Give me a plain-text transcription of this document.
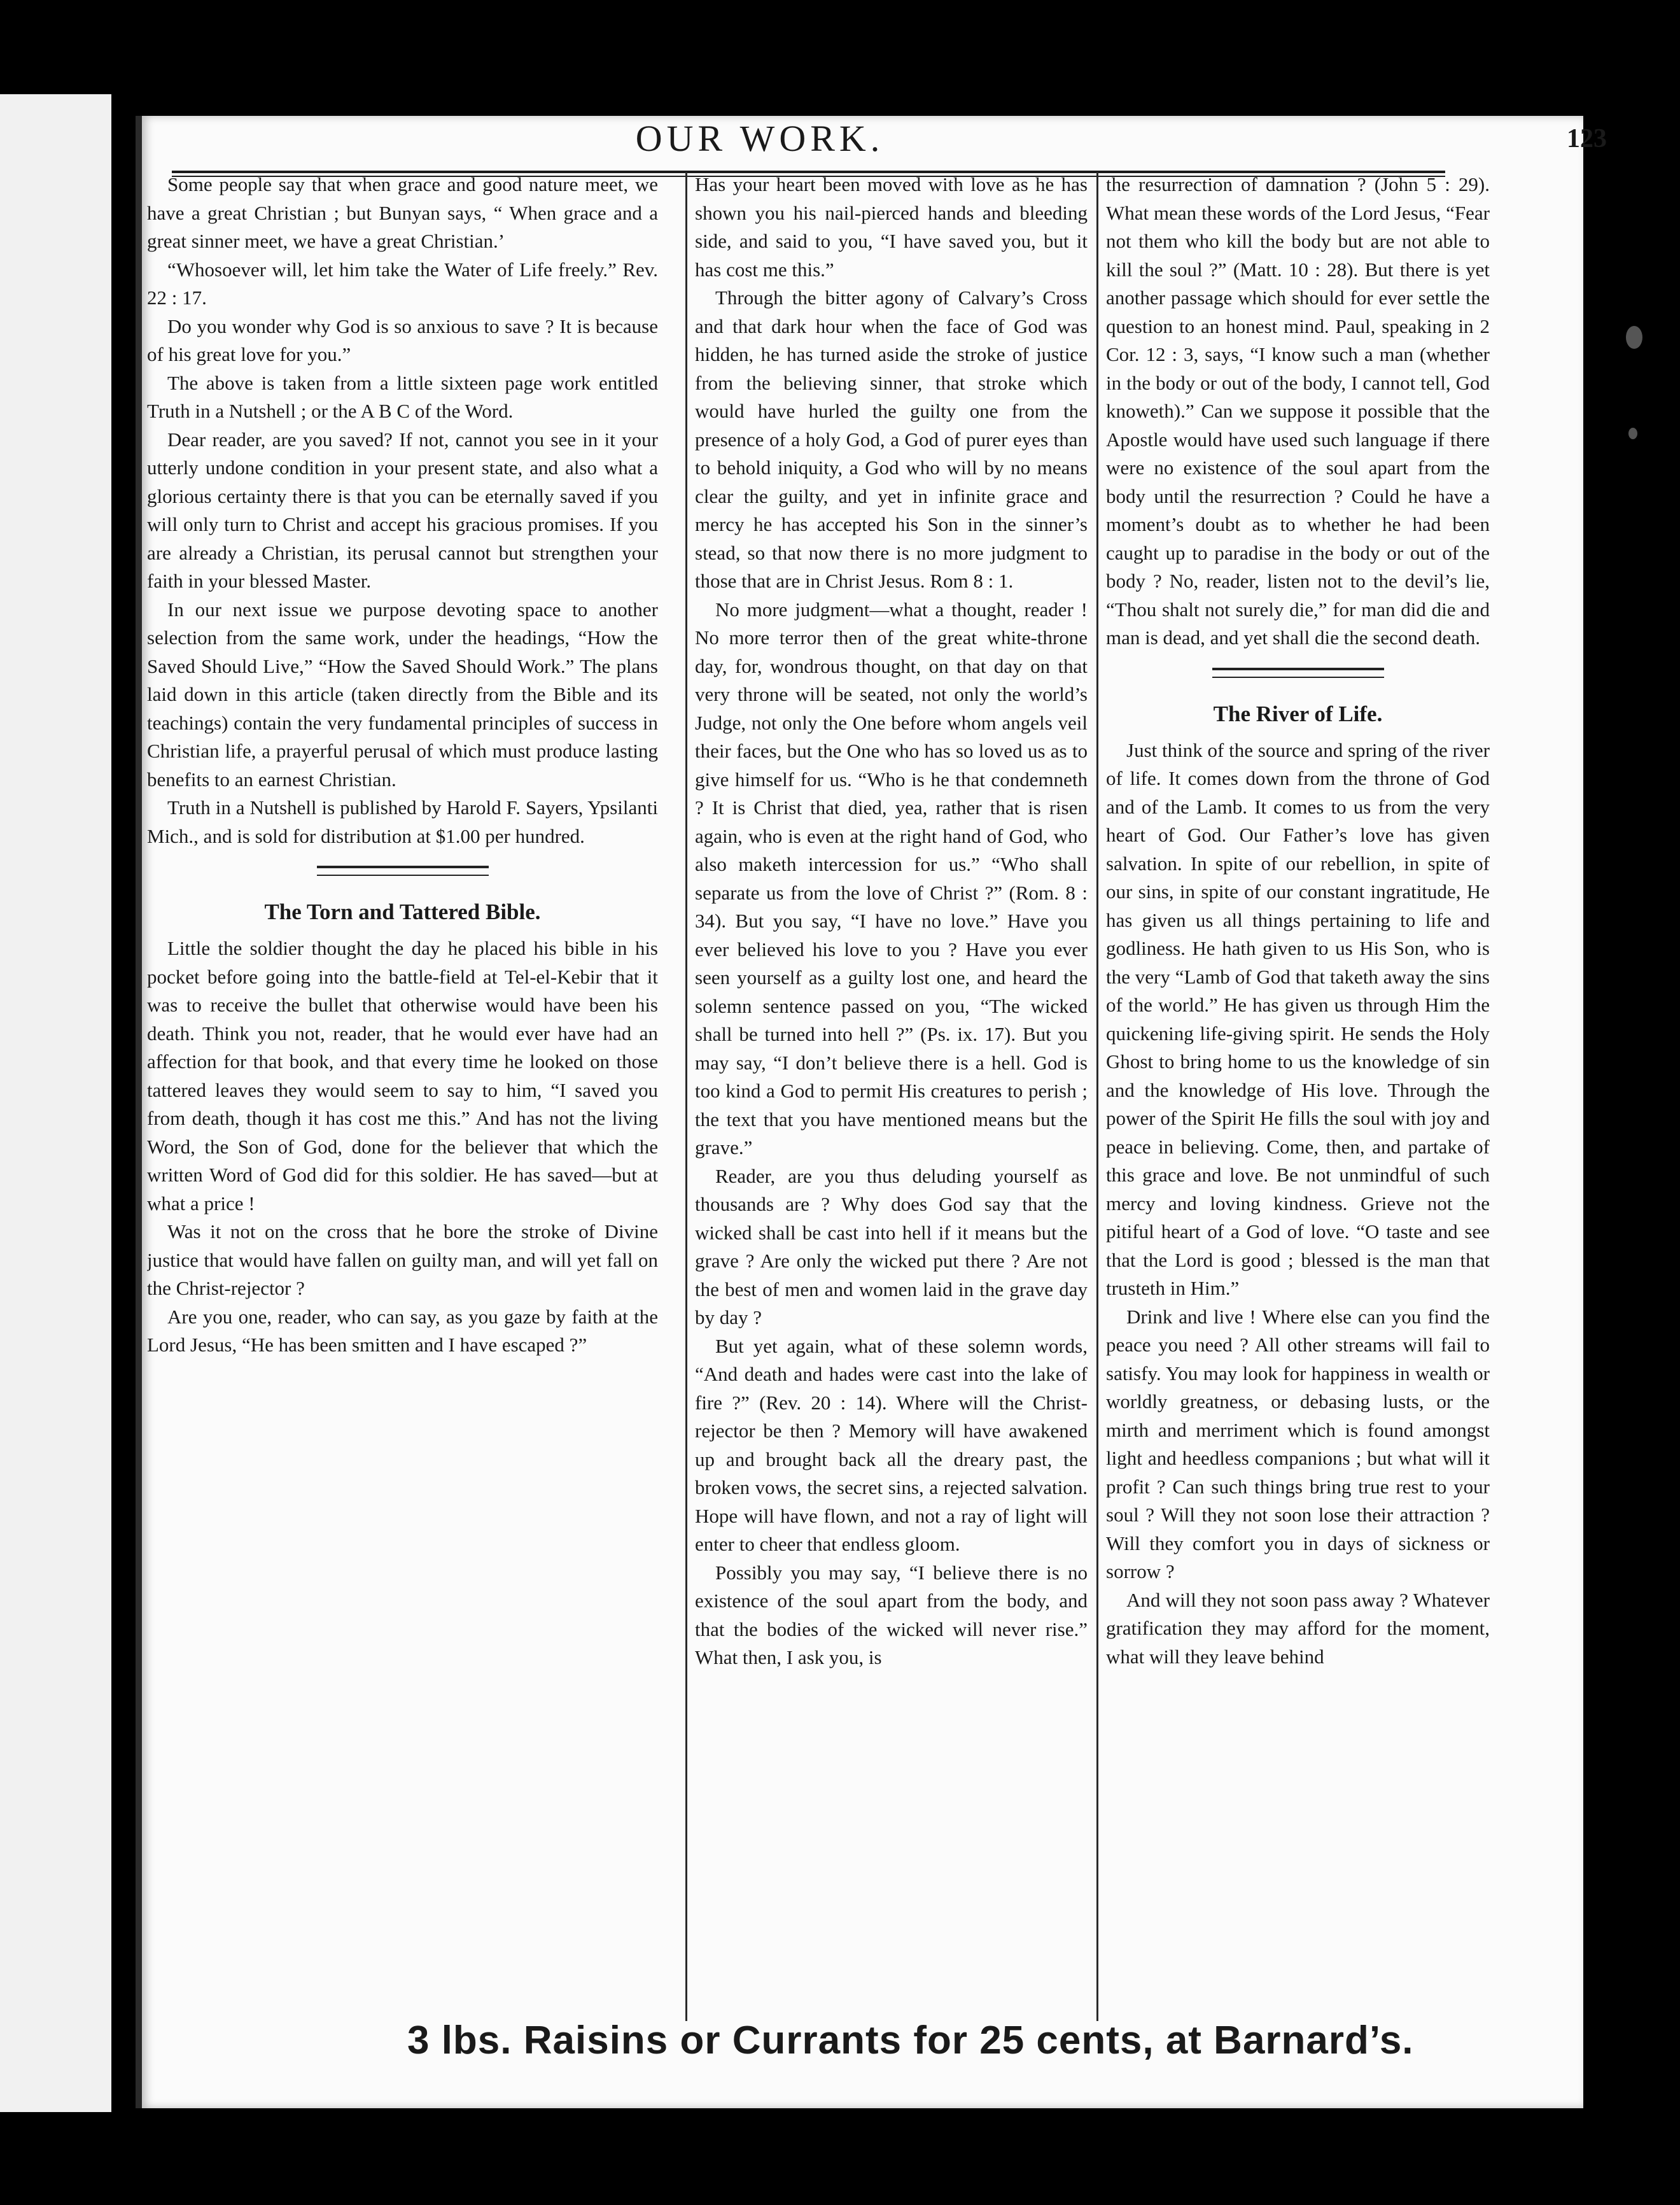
OUR WORK.	123

Some people say that when grace and good nature meet, we have a great Christian ; but Bunyan says, “ When grace and a great sinner meet, we have a great Christian.’

“Whosoever will, let him take the Water of Life freely.” Rev. 22 : 17.

Do you wonder why God is so anxious to save ? It is because of his great love for you.”

The above is taken from a little sixteen page work entitled Truth in a Nutshell ; or the A B C of the Word.

Dear reader, are you saved? If not, cannot you see in it your utterly undone condition in your present state, and also what a glorious certainty there is that you can be eternally saved if you will only turn to Christ and accept his gracious promises. If you are already a Christian, its perusal cannot but strengthen your faith in your blessed Master.

In our next issue we purpose devoting space to another selection from the same work, under the headings, “How the Saved Should Live,” “How the Saved Should Work.” The plans laid down in this article (taken directly from the Bible and its teachings) contain the very fundamental principles of success in Christian life, a prayerful perusal of which must produce lasting benefits to an earnest Christian.

Truth in a Nutshell is published by Harold F. Sayers, Ypsilanti Mich., and is sold for distribution at $1.00 per hundred.

The Torn and Tattered Bible.

Little the soldier thought the day he placed his bible in his pocket before going into the battle-field at Tel-el-Kebir that it was to receive the bullet that otherwise would have been his death. Think you not, reader, that he would ever have had an affection for that book, and that every time he looked on those tattered leaves they would seem to say to him, “I saved you from death, though it has cost me this.” And has not the living Word, the Son of God, done for the believer that which the written Word of God did for this soldier. He has saved—but at what a price !

Was it not on the cross that he bore the stroke of Divine justice that would have fallen on guilty man, and will yet fall on the Christ-rejector ?

Are you one, reader, who can say, as you gaze by faith at the Lord Jesus, “He has been smitten and I have escaped ?”

Has your heart been moved with love as he has shown you his nail-pierced hands and bleeding side, and said to you, “I have saved you, but it has cost me this.”

Through the bitter agony of Calvary’s Cross and that dark hour when the face of God was hidden, he has turned aside the stroke of justice from the believing sinner, that stroke which would have hurled the guilty one from the presence of a holy God, a God of purer eyes than to behold iniquity, a God who will by no means clear the guilty, and yet in infinite grace and mercy he has accepted his Son in the sinner’s stead, so that now there is no more judgment to those that are in Christ Jesus. Rom 8 : 1.

No more judgment—what a thought, reader ! No more terror then of the great white-throne day, for, wondrous thought, on that day on that very throne will be seated, not only the world’s Judge, not only the One before whom angels veil their faces, but the One who has so loved us as to give himself for us. “Who is he that condemneth ? It is Christ that died, yea, rather that is risen again, who is even at the right hand of God, who also maketh intercession for us.” “Who shall separate us from the love of Christ ?” (Rom. 8 : 34). But you say, “I have no love.” Have you ever believed his love to you ? Have you ever seen yourself as a guilty lost one, and heard the solemn sentence passed on you, “The wicked shall be turned into hell ?” (Ps. ix. 17). But you may say, “I don’t believe there is a hell. God is too kind a God to permit His creatures to perish ; the text that you have mentioned means but the grave.”

Reader, are you thus deluding yourself as thousands are ? Why does God say that the wicked shall be cast into hell if it means but the grave ? Are only the wicked put there ? Are not the best of men and women laid in the grave day by day ?

But yet again, what of these solemn words, “And death and hades were cast into the lake of fire ?” (Rev. 20 : 14). Where will the Christ-rejector be then ? Memory will have awakened up and brought back all the dreary past, the broken vows, the secret sins, a rejected salvation. Hope will have flown, and not a ray of light will enter to cheer that endless gloom.

Possibly you may say, “I believe there is no existence of the soul apart from the body, and that the bodies of the wicked will never rise.” What then, I ask you, is

the resurrection of damnation ? (John 5 : 29). What mean these words of the Lord Jesus, “Fear not them who kill the body but are not able to kill the soul ?” (Matt. 10 : 28). But there is yet another passage which should for ever settle the question to an honest mind. Paul, speaking in 2 Cor. 12 : 3, says, “I know such a man (whether in the body or out of the body, I cannot tell, God knoweth).” Can we suppose it possible that the Apostle would have used such language if there were no existence of the soul apart from the body until the resurrection ? Could he have a moment’s doubt as to whether he had been caught up to paradise in the body or out of the body ? No, reader, listen not to the devil’s lie, “Thou shalt not surely die,” for man did die and man is dead, and yet shall die the second death.

The River of Life.

Just think of the source and spring of the river of life. It comes down from the throne of God and of the Lamb. It comes to us from the very heart of God. Our Father’s love has given salvation. In spite of our rebellion, in spite of our sins, in spite of our constant ingratitude, He has given us all things pertaining to life and godliness. He hath given to us His Son, who is the very “Lamb of God that taketh away the sins of the world.” He has given us through Him the quickening life-giving spirit. He sends the Holy Ghost to bring home to us the knowledge of sin and the knowledge of His love. Through the power of the Spirit He fills the soul with joy and peace in believing. Come, then, and partake of this grace and love. Be not unmindful of such mercy and loving kindness. Grieve not the pitiful heart of a God of love. “O taste and see that the Lord is good ; blessed is the man that trusteth in Him.”

Drink and live ! Where else can you find the peace you need ? All other streams will fail to satisfy. You may look for happiness in wealth or worldly greatness, or debasing lusts, or the mirth and merriment which is found amongst light and heedless companions ; but what will it profit ? Can such things bring true rest to your soul ? Will they not soon lose their attraction ? Will they comfort you in days of sickness or sorrow ?

And will they not soon pass away ? Whatever gratification they may afford for the moment, what will they leave behind

3 lbs. Raisins or Currants for 25 cents, at Barnard’s.
